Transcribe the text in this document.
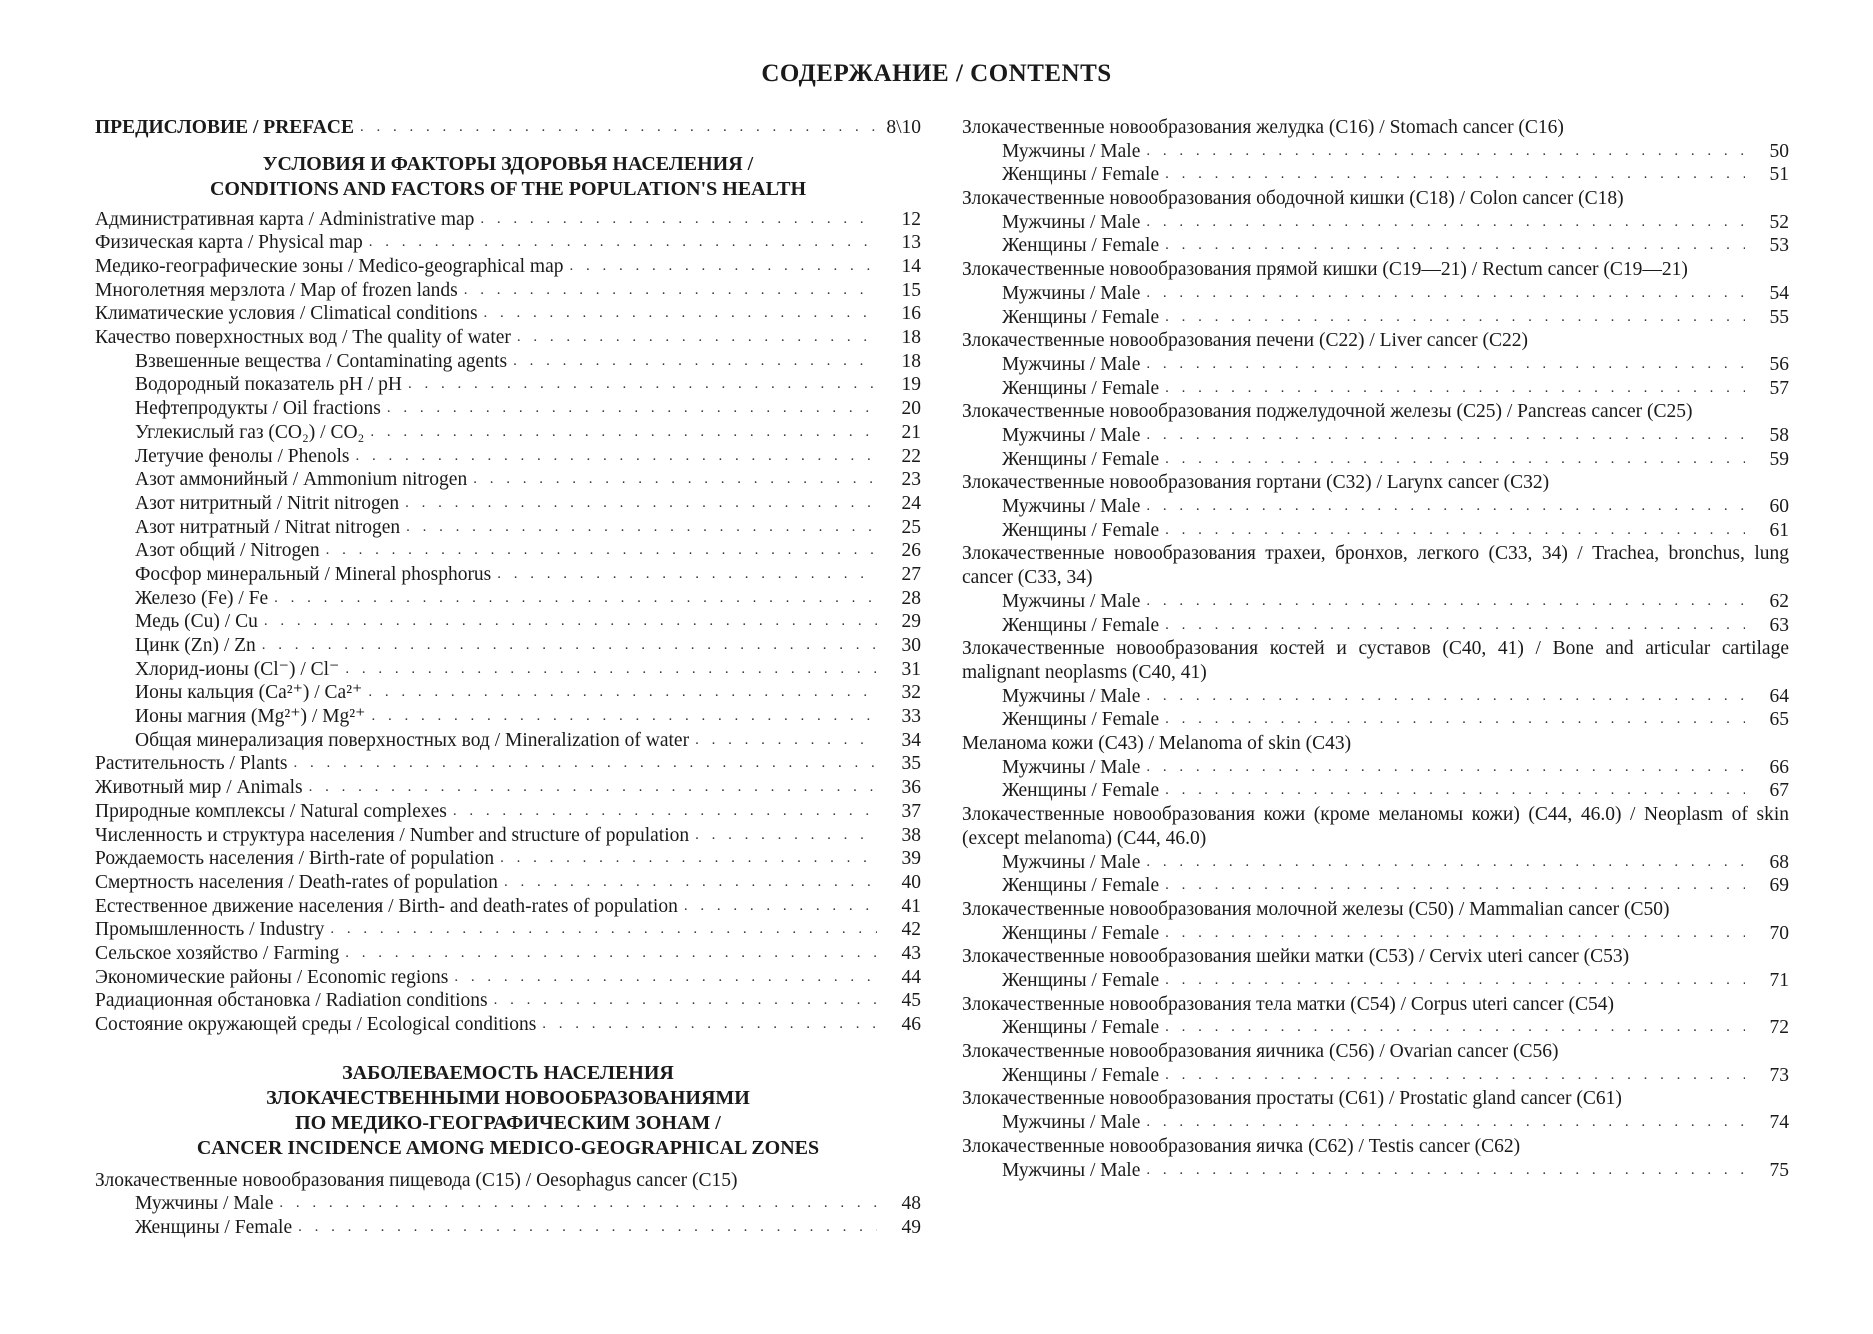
СОДЕРЖАНИЕ / CONTENTS
ПРЕДИСЛОВИЕ / PREFACE . . .	8\10
УСЛОВИЯ И ФАКТОРЫ ЗДОРОВЬЯ НАСЕЛЕНИЯ /
CONDITIONS AND FACTORS OF THE POPULATION'S HEALTH
Административная карта / Administrative map . . .	12
Физическая карта / Physical map . . .	13
Медико-географические зоны / Medico-geographical map . . .	14
Многолетняя мерзлота / Map of frozen lands . . .	15
Климатические условия / Climatical conditions . . .	16
Качество поверхностных вод / The quality of water . . .	18
Взвешенные вещества / Contaminating agents . . .	18
Водородный показатель pH / pH . . .	19
Нефтепродукты / Oil fractions . . .	20
Углекислый газ (CO₂) / CO₂ . . .	21
Летучие фенолы / Phenols . . .	22
Азот аммонийный / Ammonium nitrogen . . .	23
Азот нитритный / Nitrit nitrogen . . .	24
Азот нитратный / Nitrat nitrogen . . .	25
Азот общий / Nitrogen . . .	26
Фосфор минеральный / Mineral phosphorus . . .	27
Железо (Fe) / Fe . . .	28
Медь (Cu) / Cu . . .	29
Цинк (Zn) / Zn . . .	30
Хлорид-ионы (Cl⁻) / Cl⁻ . . .	31
Ионы кальция (Ca²⁺) / Ca²⁺ . . .	32
Ионы магния (Mg²⁺) / Mg²⁺ . . .	33
Общая минерализация поверхностных вод / Mineralization of water . . .	34
Растительность / Plants . . .	35
Животный мир / Animals . . .	36
Природные комплексы / Natural complexes . . .	37
Численность и структура населения / Number and structure of population . . .	38
Рождаемость населения / Birth-rate of population . . .	39
Смертность населения / Death-rates of population . . .	40
Естественное движение населения / Birth- and death-rates of population . . .	41
Промышленность / Industry . . .	42
Сельское хозяйство / Farming . . .	43
Экономические районы / Economic regions . . .	44
Радиационная обстановка / Radiation conditions . . .	45
Состояние окружающей среды / Ecological conditions . . .	46
ЗАБОЛЕВАЕМОСТЬ НАСЕЛЕНИЯ
ЗЛОКАЧЕСТВЕННЫМИ НОВООБРАЗОВАНИЯМИ
ПО МЕДИКО-ГЕОГРАФИЧЕСКИМ ЗОНАМ /
CANCER INCIDENCE AMONG MEDICO-GEOGRAPHICAL ZONES
Злокачественные новообразования пищевода (C15) / Oesophagus cancer (C15)
Мужчины / Male . . .	48
Женщины / Female . . .	49
Злокачественные новообразования желудка (C16) / Stomach cancer (C16)
Мужчины / Male . . .	50
Женщины / Female . . .	51
Злокачественные новообразования ободочной кишки (C18) / Colon cancer (C18)
Мужчины / Male . . .	52
Женщины / Female . . .	53
Злокачественные новообразования прямой кишки (C19—21) / Rectum cancer (C19—21)
Мужчины / Male . . .	54
Женщины / Female . . .	55
Злокачественные новообразования печени (C22) / Liver cancer (C22)
Мужчины / Male . . .	56
Женщины / Female . . .	57
Злокачественные новообразования поджелудочной железы (C25) / Pancreas cancer (C25)
Мужчины / Male . . .	58
Женщины / Female . . .	59
Злокачественные новообразования гортани (C32) / Larynx cancer (C32)
Мужчины / Male . . .	60
Женщины / Female . . .	61
Злокачественные новообразования трахеи, бронхов, легкого (C33, 34) / Trachea, bronchus, lung cancer (C33, 34)
Мужчины / Male . . .	62
Женщины / Female . . .	63
Злокачественные новообразования костей и суставов (C40, 41) / Bone and articular cartilage malignant neoplasms (C40, 41)
Мужчины / Male . . .	64
Женщины / Female . . .	65
Меланома кожи (C43) / Melanoma of skin (C43)
Мужчины / Male . . .	66
Женщины / Female . . .	67
Злокачественные новообразования кожи (кроме меланомы кожи) (C44, 46.0) / Neoplasm of skin (except melanoma) (C44, 46.0)
Мужчины / Male . . .	68
Женщины / Female . . .	69
Злокачественные новообразования молочной железы (C50) / Mammalian cancer (C50)
Женщины / Female . . .	70
Злокачественные новообразования шейки матки (C53) / Cervix uteri cancer (C53)
Женщины / Female . . .	71
Злокачественные новообразования тела матки (C54) / Corpus uteri cancer (C54)
Женщины / Female . . .	72
Злокачественные новообразования яичника (C56) / Ovarian cancer (C56)
Женщины / Female . . .	73
Злокачественные новообразования простаты (C61) / Prostatic gland cancer (C61)
Мужчины / Male . . .	74
Злокачественные новообразования яичка (C62) / Testis cancer (C62)
Мужчины / Male . . .	75
